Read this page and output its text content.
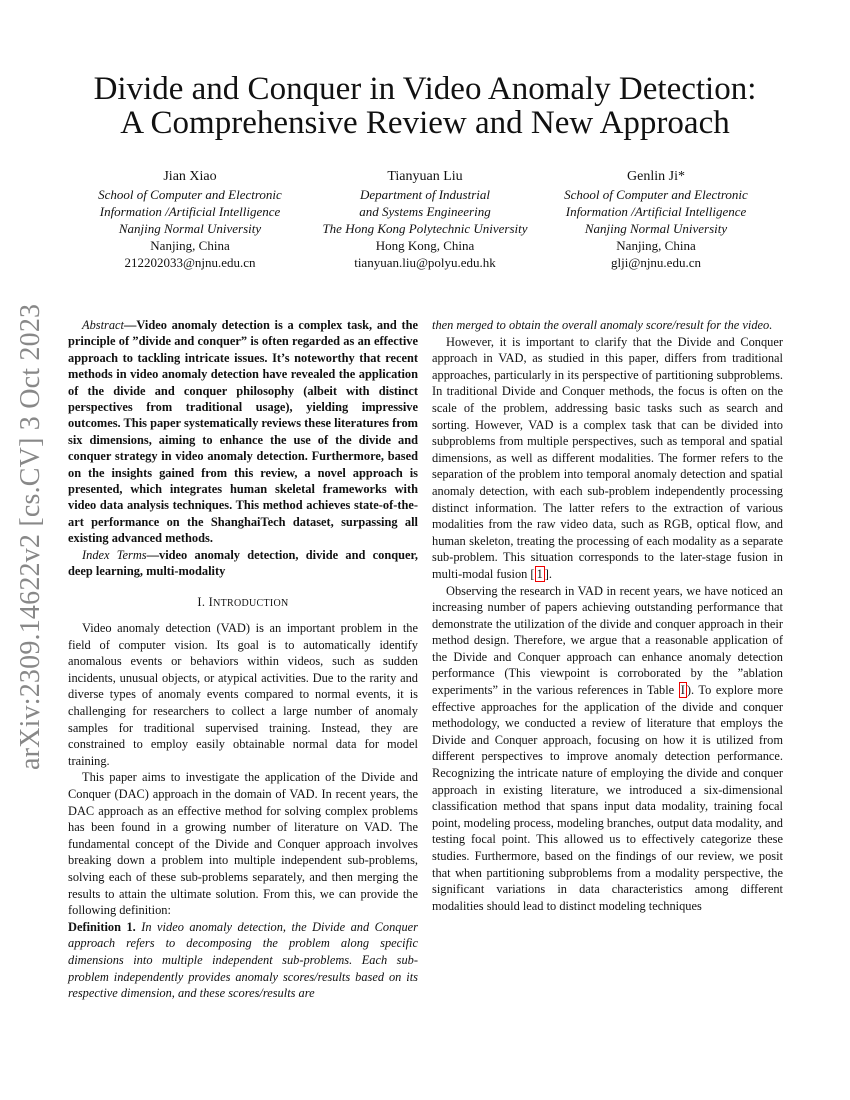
Divide and Conquer in Video Anomaly Detection:
A Comprehensive Review and New Approach
Jian Xiao
School of Computer and Electronic
Information /Artificial Intelligence
Nanjing Normal University
Nanjing, China
212202033@njnu.edu.cn
Tianyuan Liu
Department of Industrial
and Systems Engineering
The Hong Kong Polytechnic University
Hong Kong, China
tianyuan.liu@polyu.edu.hk
Genlin Ji*
School of Computer and Electronic
Information /Artificial Intelligence
Nanjing Normal University
Nanjing, China
glji@njnu.edu.cn
arXiv:2309.14622v2 [cs.CV] 3 Oct 2023	Abstract—Video anomaly detection is a complex task, and the principle of ”divide and conquer” is often regarded as an effective approach to tackling intricate issues. It’s noteworthy that recent methods in video anomaly detection have revealed the application of the divide and conquer philosophy (albeit with distinct perspectives from traditional usage), yielding impressive outcomes. This paper systematically reviews these literatures from six dimensions, aiming to enhance the use of the divide and conquer strategy in video anomaly detection. Furthermore, based on the insights gained from this review, a novel approach is presented, which integrates human skeletal frameworks with video data analysis techniques. This method achieves state-of-the-art performance on the ShanghaiTech dataset, surpassing all existing advanced methods.

Index Terms—video anomaly detection, divide and conquer, deep learning, multi-modality

I. INTRODUCTION

Video anomaly detection (VAD) is an important problem in the field of computer vision. Its goal is to automatically identify anomalous events or behaviors within videos, such as sudden incidents, unusual objects, or atypical activities. Due to the rarity and diverse types of anomaly events compared to normal events, it is challenging for researchers to collect a large number of anomaly samples for traditional supervised training. Instead, they are constrained to employ easily obtainable normal data for model training.

This paper aims to investigate the application of the Divide and Conquer (DAC) approach in the domain of VAD. In recent years, the DAC approach as an effective method for solving complex problems has been found in a growing number of literature on VAD. The fundamental concept of the Divide and Conquer approach involves breaking down a problem into multiple independent sub-problems, solving each of these sub-problems separately, and then merging the results to attain the ultimate solution. From this, we can provide the following definition:

Definition 1. In video anomaly detection, the Divide and Conquer approach refers to decomposing the problem along specific dimensions into multiple independent sub-problems. Each sub-problem independently provides anomaly scores/results based on its respective dimension, and these scores/results are

then merged to obtain the overall anomaly score/result for the video.

However, it is important to clarify that the Divide and Conquer approach in VAD, as studied in this paper, differs from traditional approaches, particularly in its perspective of partitioning subproblems. In traditional Divide and Conquer methods, the focus is often on the scale of the problem, addressing basic tasks such as search and sorting. However, VAD is a complex task that can be divided into subproblems from multiple perspectives, such as temporal and spatial dimensions, as well as different modalities. The former refers to the separation of the problem into temporal anomaly detection and spatial anomaly detection, with each sub-problem independently processing distinct information. The latter refers to the extraction of various modalities from the raw video data, such as RGB, optical flow, and human skeleton, treating the processing of each modality as a separate sub-problem. This situation corresponds to the later-stage fusion in multi-modal fusion [ 1 ].

Observing the research in VAD in recent years, we have noticed an increasing number of papers achieving outstanding performance that demonstrate the utilization of the divide and conquer approach in their method design. Therefore, we argue that a reasonable application of the Divide and Conquer approach can enhance anomaly detection performance (This viewpoint is corroborated by the ”ablation experiments” in the various references in Table I ). To explore more effective approaches for the application of the divide and conquer methodology, we conducted a review of literature that employs the Divide and Conquer approach, focusing on how it is utilized from different perspectives to improve anomaly detection performance. Recognizing the intricate nature of employing the divide and conquer approach in existing literature, we introduced a six-dimensional classification method that spans input data modality, training focal point, modeling process, modeling branches, output data modality, and testing focal point. This allowed us to effectively categorize these studies. Furthermore, based on the findings of our review, we posit that when partitioning subproblems from a modality perspective, the significant variations in data characteristics among different modalities should lead to distinct modeling techniques
